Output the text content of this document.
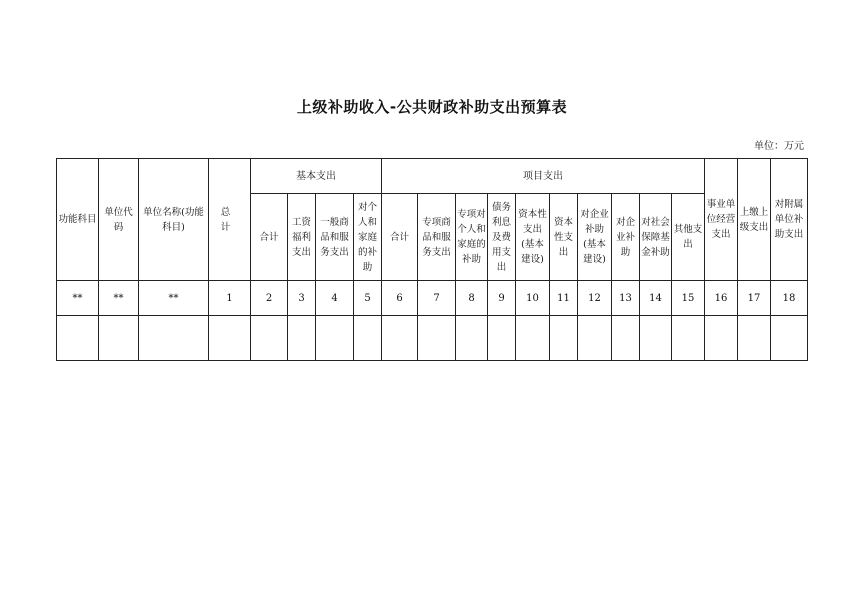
上级补助收入-公共财政补助支出预算表
单位：万元
功能科目	单位代码	单位名称(功能科目)	总 计	基本支出				项目支出										事业单位经营支出	上缴上级支出	对附属单位补助支出
				合计	工资福利支出	一般商品和服务支出	对个人和家庭的补助	合计	专项商品和服务支出	专项对个人和家庭的补助	债务利息及费用支出	资本性支出(基本建设)	资本性支出	对企业补助(基本建设)	对企业补助	对社会保障基金补助	其他支出			
**	**	**	1	2	3	4	5	6	7	8	9	10	11	12	13	14	15	16	17	18
